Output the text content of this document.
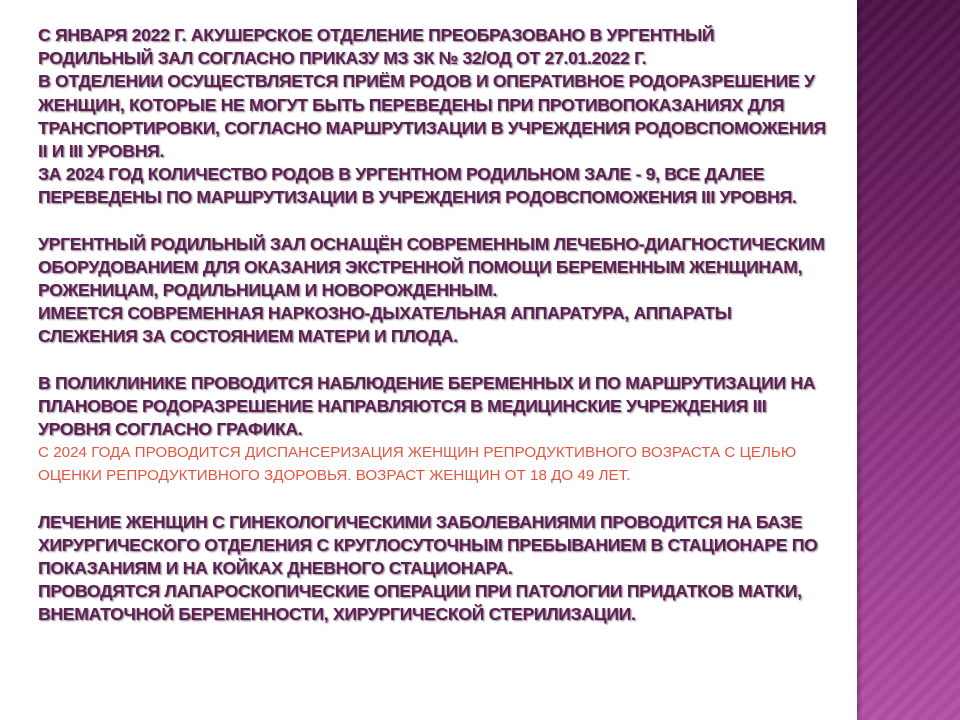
С ЯНВАРЯ 2022 Г. АКУШЕРСКОЕ ОТДЕЛЕНИЕ ПРЕОБРАЗОВАНО В УРГЕНТНЫЙ РОДИЛЬНЫЙ ЗАЛ СОГЛАСНО ПРИКАЗУ МЗ ЗК № 32/ОД ОТ 27.01.2022 Г.

В ОТДЕЛЕНИИ ОСУЩЕСТВЛЯЕТСЯ ПРИЁМ РОДОВ И ОПЕРАТИВНОЕ РОДОРАЗРЕШЕНИЕ У ЖЕНЩИН, КОТОРЫЕ НЕ МОГУТ БЫТЬ ПЕРЕВЕДЕНЫ ПРИ ПРОТИВОПОКАЗАНИЯХ ДЛЯ ТРАНСПОРТИРОВКИ, СОГЛАСНО МАРШРУТИЗАЦИИ В УЧРЕЖДЕНИЯ РОДОВСПОМОЖЕНИЯ II И III УРОВНЯ.

ЗА 2024 ГОД КОЛИЧЕСТВО РОДОВ В УРГЕНТНОМ РОДИЛЬНОМ ЗАЛЕ - 9, ВСЕ ДАЛЕЕ ПЕРЕВЕДЕНЫ ПО МАРШРУТИЗАЦИИ В УЧРЕЖДЕНИЯ РОДОВСПОМОЖЕНИЯ III УРОВНЯ.

УРГЕНТНЫЙ РОДИЛЬНЫЙ ЗАЛ ОСНАЩЁН СОВРЕМЕННЫМ ЛЕЧЕБНО-ДИАГНОСТИЧЕСКИМ ОБОРУДОВАНИЕМ ДЛЯ ОКАЗАНИЯ ЭКСТРЕННОЙ ПОМОЩИ БЕРЕМЕННЫМ ЖЕНЩИНАМ, РОЖЕНИЦАМ, РОДИЛЬНИЦАМ И НОВОРОЖДЕННЫМ.

ИМЕЕТСЯ СОВРЕМЕННАЯ НАРКОЗНО-ДЫХАТЕЛЬНАЯ АППАРАТУРА, АППАРАТЫ СЛЕЖЕНИЯ ЗА СОСТОЯНИЕМ МАТЕРИ И ПЛОДА.

В ПОЛИКЛИНИКЕ ПРОВОДИТСЯ НАБЛЮДЕНИЕ БЕРЕМЕННЫХ И ПО МАРШРУТИЗАЦИИ НА ПЛАНОВОЕ РОДОРАЗРЕШЕНИЕ НАПРАВЛЯЮТСЯ В МЕДИЦИНСКИЕ УЧРЕЖДЕНИЯ III УРОВНЯ СОГЛАСНО ГРАФИКА.

С 2024 ГОДА ПРОВОДИТСЯ ДИСПАНСЕРИЗАЦИЯ ЖЕНЩИН РЕПРОДУКТИВНОГО ВОЗРАСТА С ЦЕЛЬЮ ОЦЕНКИ РЕПРОДУКТИВНОГО ЗДОРОВЬЯ. ВОЗРАСТ ЖЕНЩИН ОТ 18 ДО 49 ЛЕТ.

ЛЕЧЕНИЕ ЖЕНЩИН С ГИНЕКОЛОГИЧЕСКИМИ ЗАБОЛЕВАНИЯМИ ПРОВОДИТСЯ НА БАЗЕ ХИРУРГИЧЕСКОГО ОТДЕЛЕНИЯ С КРУГЛОСУТОЧНЫМ ПРЕБЫВАНИЕМ В СТАЦИОНАРЕ ПО ПОКАЗАНИЯМ И НА КОЙКАХ ДНЕВНОГО СТАЦИОНАРА.

ПРОВОДЯТСЯ ЛАПАРОСКОПИЧЕСКИЕ ОПЕРАЦИИ ПРИ ПАТОЛОГИИ ПРИДАТКОВ МАТКИ, ВНЕМАТОЧНОЙ БЕРЕМЕННОСТИ, ХИРУРГИЧЕСКОЙ СТЕРИЛИЗАЦИИ.
